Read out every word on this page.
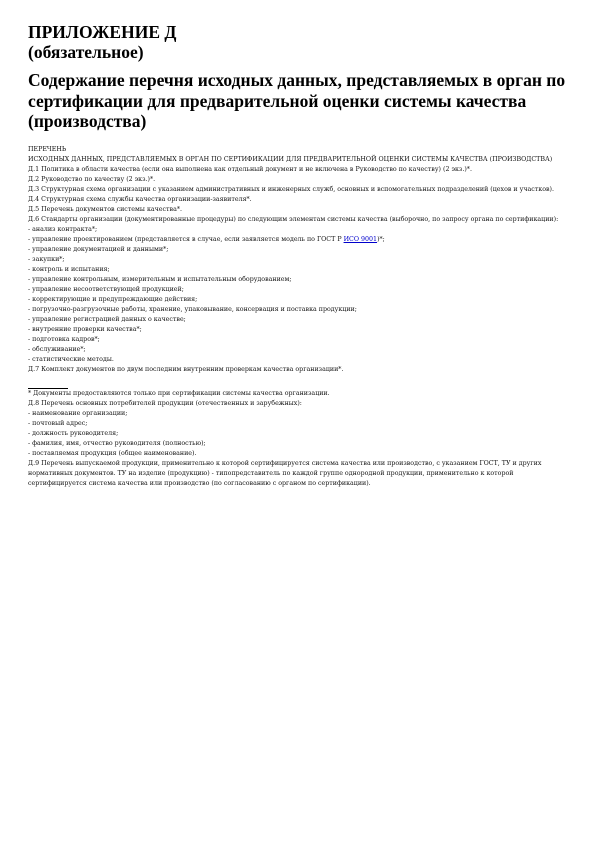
ПРИЛОЖЕНИЕ Д
(обязательное)
Содержание перечня исходных данных, представляемых в орган по сертификации для предварительной оценки системы качества (производства)

ПЕРЕЧЕНЬ

ИСХОДНЫХ ДАННЫХ, ПРЕДСТАВЛЯЕМЫХ В ОРГАН ПО СЕРТИФИКАЦИИ ДЛЯ ПРЕДВАРИТЕЛЬНОЙ ОЦЕНКИ СИСТЕМЫ КАЧЕСТВА (ПРОИЗВОДСТВА)

Д.1 Политика в области качества (если она выполнена как отдельный документ и не включена в Руководство по качеству) (2 экз.)*.

Д.2 Руководство по качеству (2 экз.)*.

Д.3 Структурная схема организации с указанием административных и инженерных служб, основных и вспомогательных подразделений (цехов и участков).

Д.4 Структурная схема службы качества организации-заявителя*.

Д.5 Перечень документов системы качества*.

Д.6 Стандарты организации (документированные процедуры) по следующим элементам системы качества (выборочно, по запросу органа по сертификации):

- анализ контракта*;

- управление проектированием (представляется в случае, если заявляется модель по ГОСТ Р ИСО 9001)*;

- управление документацией и данными*;

- закупки*;

- контроль и испытания;

- управление контрольным, измерительным и испытательным оборудованием;

- управление несоответствующей продукцией;

- корректирующие и предупреждающие действия;

- погрузочно-разгрузочные работы, хранение, упаковывание, консервация и поставка продукции;

- управление регистрацией данных о качестве;

- внутренние проверки качества*;

- подготовка кадров*;

- обслуживание*;

- статистические методы.

Д.7 Комплект документов по двум последним внутренним проверкам качества организации*.

* Документы предоставляются только при сертификации системы качества организации.

Д.8 Перечень основных потребителей продукции (отечественных и зарубежных):

- наименование организации;

- почтовый адрес;

- должность руководителя;

- фамилия, имя, отчество руководителя (полностью);

- поставляемая продукция (общее наименование).

Д.9 Перечень выпускаемой продукции, применительно к которой сертифицируется система качества или производство, с указанием ГОСТ, ТУ и других нормативных документов. ТУ на изделие (продукцию) - типопредставитель по каждой группе однородной продукции, применительно к которой сертифицируется система качества или производство (по согласованию с органом по сертификации).
